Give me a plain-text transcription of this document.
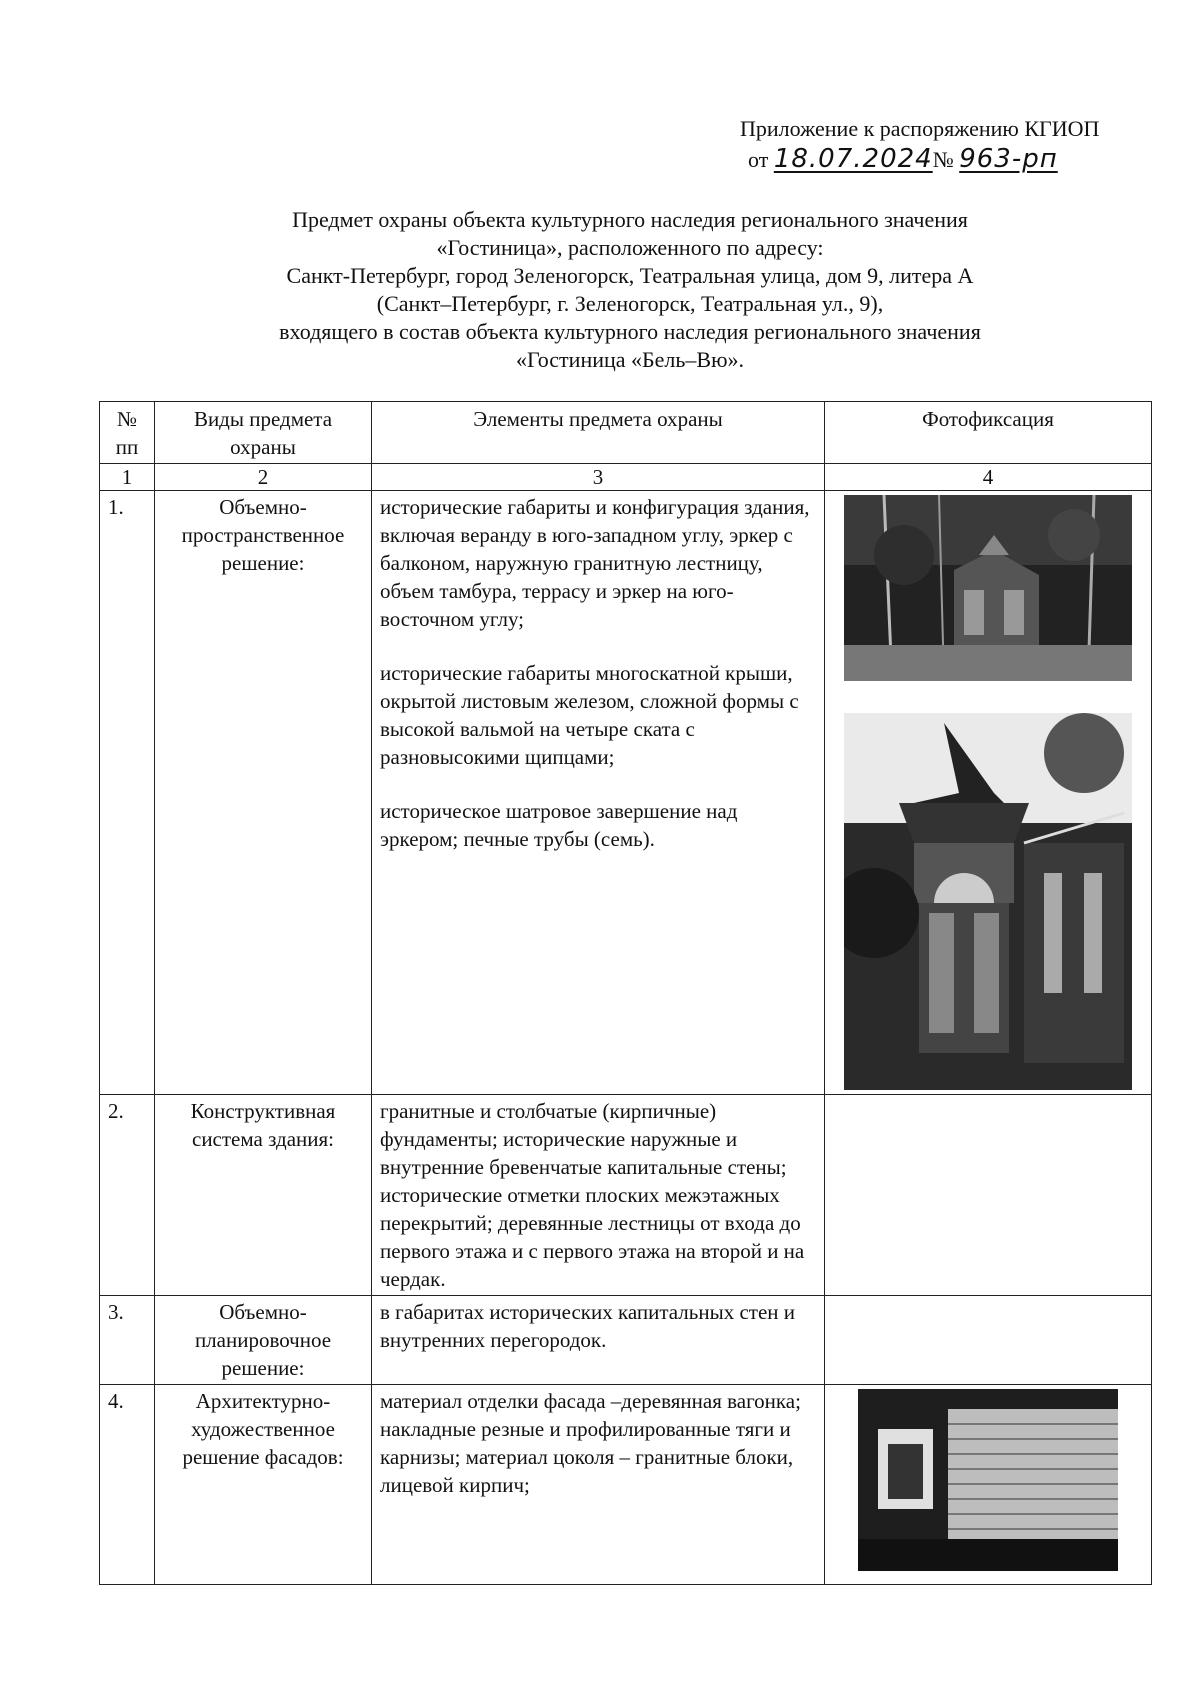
Приложение к распоряжению КГИОП
от 18.07.2024№ 963-рп
Предмет охраны объекта культурного наследия регионального значения
«Гостиница», расположенного по адресу:
Санкт-Петербург, город Зеленогорск, Театральная улица, дом 9, литера А
(Санкт–Петербург, г. Зеленогорск, Театральная ул., 9),
входящего в состав объекта культурного наследия регионального значения
«Гостиница «Бель–Вю».
№ пп	Виды предмета охраны	Элементы предмета охраны	Фотофиксация
1	2	3	4
1.	Объемно-пространственное решение:	исторические габариты и конфигурация здания, включая веранду в юго-западном углу, эркер с балконом, наружную гранитную лестницу, объем тамбура, террасу и эркер на юго-восточном углу;

исторические габариты многоскатной крыши, окрытой листовым железом, сложной формы с высокой вальмой на четыре ската с разновысокими щипцами;

историческое шатровое завершение над эркером; печные трубы (семь).

2.	Конструктивная система здания:	гранитные и столбчатые (кирпичные) фундаменты; исторические наружные и внутренние бревенчатые капитальные стены; исторические отметки плоских межэтажных перекрытий; деревянные лестницы от входа до первого этажа и с первого этажа на второй и на чердак.	

3.	Объемно-планировочное решение:	в габаритах исторических капитальных стен и внутренних перегородок.	

4.	Архитектурно-художественное решение фасадов:	материал отделки фасада –деревянная вагонка; накладные резные и профилированные тяги и карнизы; материал цоколя – гранитные блоки, лицевой кирпич;
